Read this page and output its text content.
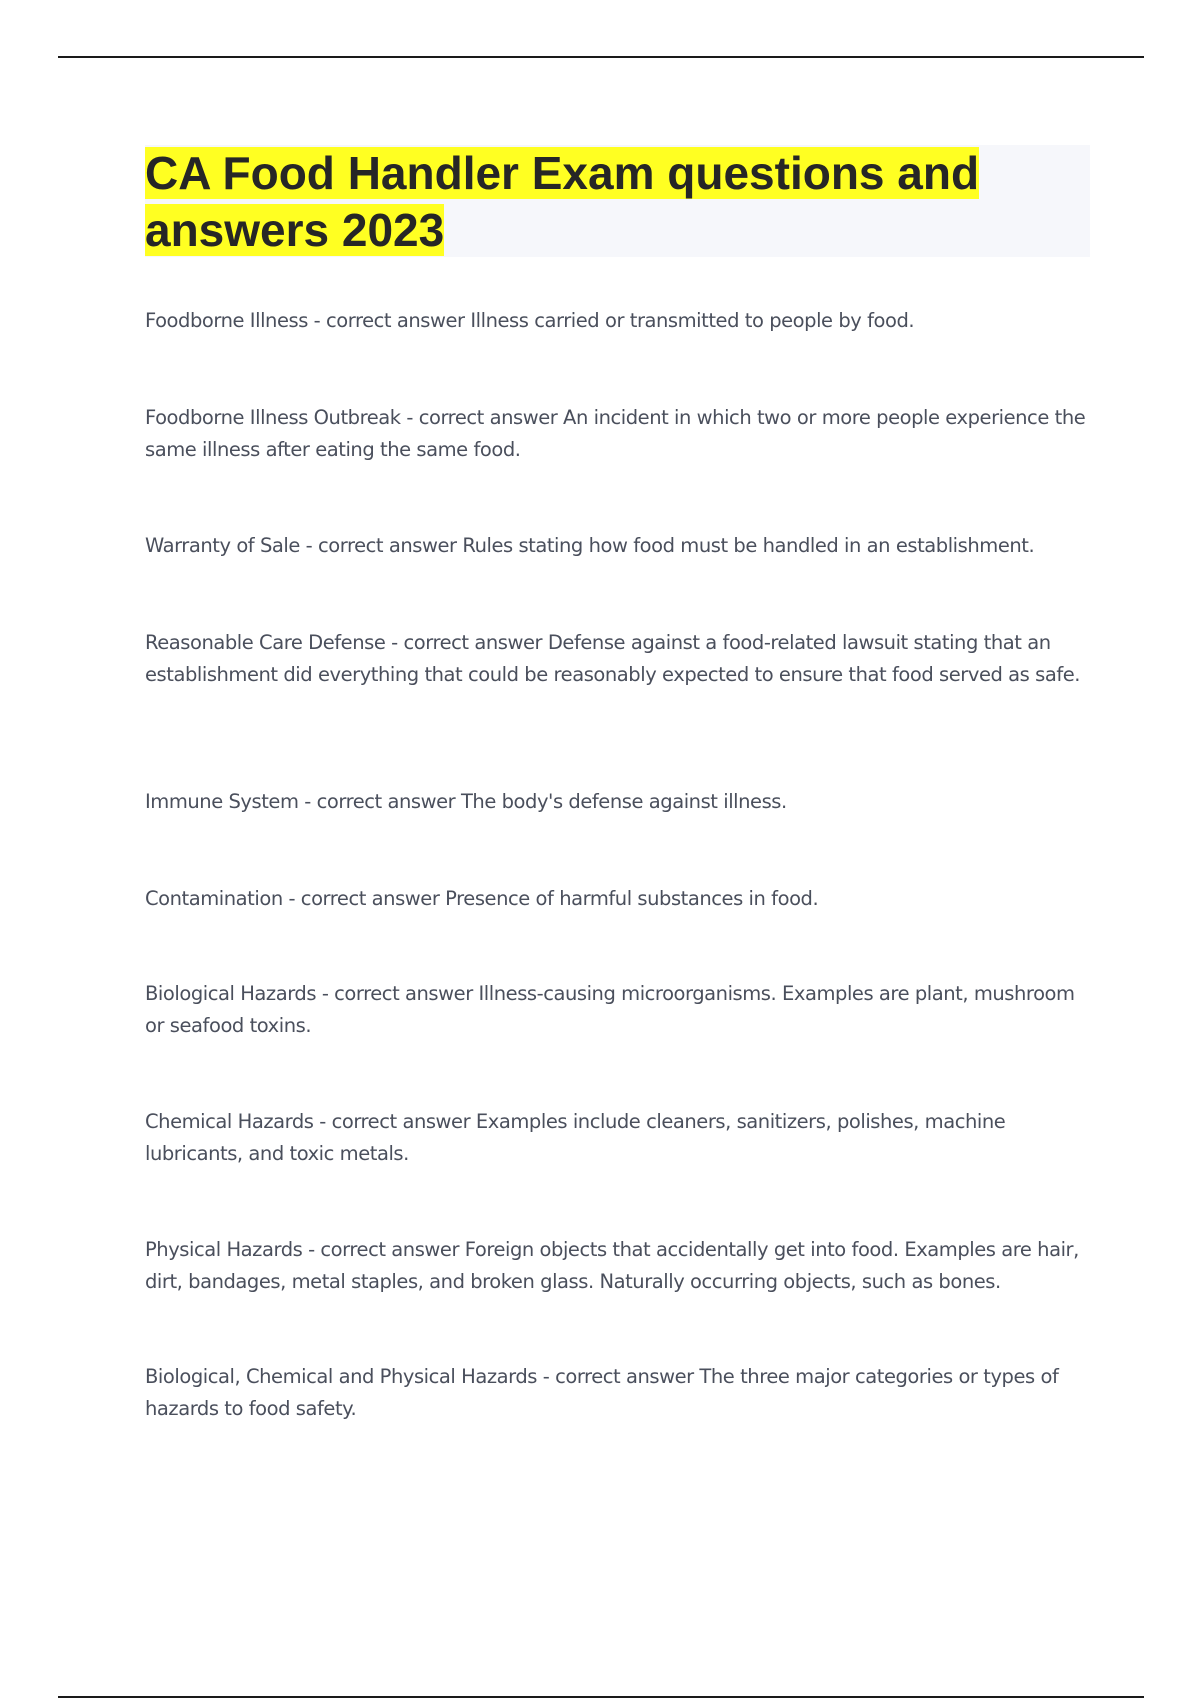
CA Food Handler Exam questions and answers 2023

Foodborne Illness - correct answer Illness carried or transmitted to people by food.

Foodborne Illness Outbreak - correct answer An incident in which two or more people experience the same illness after eating the same food.

Warranty of Sale - correct answer Rules stating how food must be handled in an establishment.

Reasonable Care Defense - correct answer Defense against a food-related lawsuit stating that an establishment did everything that could be reasonably expected to ensure that food served as safe.

Immune System - correct answer The body's defense against illness.

Contamination - correct answer Presence of harmful substances in food.

Biological Hazards - correct answer Illness-causing microorganisms. Examples are plant, mushroom or seafood toxins.

Chemical Hazards - correct answer Examples include cleaners, sanitizers, polishes, machine lubricants, and toxic metals.

Physical Hazards - correct answer Foreign objects that accidentally get into food. Examples are hair, dirt, bandages, metal staples, and broken glass. Naturally occurring objects, such as bones.

Biological, Chemical and Physical Hazards - correct answer The three major categories or types of hazards to food safety.
